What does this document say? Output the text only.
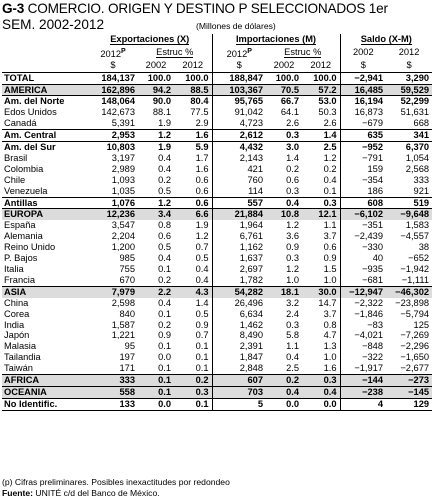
G-3 COMERCIO. ORIGEN Y DESTINO P SELECCIONADOS 1er
SEM. 2002-2012	(Millones de dólares)
	Exportaciones (X)			Importaciones (M)			Saldo (X-M)	
	$2012^P$	Estruc %		$2012^P$	Estruc %		2002	2012
	$	2002	2012	$	2002	2012	$	$
TOTAL	184,137	100.0	100.0	188,847	100.0	100.0	−2,941	3,290
AMERICA	162,896	94.2	88.5	103,367	70.5	57.2	16,485	59,529
Am. del Norte	148,064	90.0	80.4	95,765	66.7	53.0	16,194	52,299
Edos Unidos	142,673	88.1	77.5	91,042	64.1	50.3	16,873	51,631
Canadá	5,391	1.9	2.9	4,723	2.6	2.6	−679	668
Am. Central	2,953	1.2	1.6	2,612	0.3	1.4	635	341
Am. del Sur	10,803	1.9	5.9	4,432	3.0	2.5	−952	6,370
Brasil	3,197	0.4	1.7	2,143	1.4	1.2	−791	1,054
Colombia	2,989	0.4	1.6	421	0.2	0.2	159	2,568
Chile	1,093	0.2	0.6	760	0.6	0.4	−354	333
Venezuela	1,035	0.5	0.6	114	0.3	0.1	186	921
Antillas	1,076	1.2	0.6	557	0.4	0.3	608	519
EUROPA	12,236	3.4	6.6	21,884	10.8	12.1	−6,102	−9,648
España	3,547	0.8	1.9	1,964	1.2	1.1	−351	1,583
Alemania	2,204	0.6	1.2	6,761	3.6	3.7	−2,439	−4,557
Reino Unido	1,200	0.5	0.7	1,162	0.9	0.6	−330	38
P. Bajos	985	0.4	0.5	1,637	0.3	0.9	40	−652
Italia	755	0.1	0.4	2,697	1.2	1.5	−935	−1,942
Francia	670	0.2	0.4	1,782	1.0	1.0	−681	−1,111
ASIA	7,979	2.2	4.3	54,282	18.1	30.0	−12,947	−46,302
China	2,598	0.4	1.4	26,496	3.2	14.7	−2,322	−23,898
Corea	840	0.1	0.5	6,634	2.4	3.7	−1,846	−5,794
India	1,587	0.2	0.9	1,462	0.3	0.8	−83	125
Japón	1,221	0.9	0.7	8,490	5.8	4.7	−4,021	−7,269
Malasia	95	0.1	0.1	2,391	1.1	1.3	−848	−2,296
Tailandia	197	0.0	0.1	1,847	0.4	1.0	−322	−1,650
Taiwán	171	0.1	0.1	2,848	2.5	1.6	−1,917	−2,677
AFRICA	333	0.1	0.2	607	0.2	0.3	−144	−273
OCEANIA	558	0.1	0.3	703	0.4	0.4	−238	−145
No Identific.	133	0.0	0.1	5	0.0	0.0	4	129
(p) Cifras preliminares. Posibles inexactitudes por redondeo
Fuente: UNITÉ c/d del Banco de México.
